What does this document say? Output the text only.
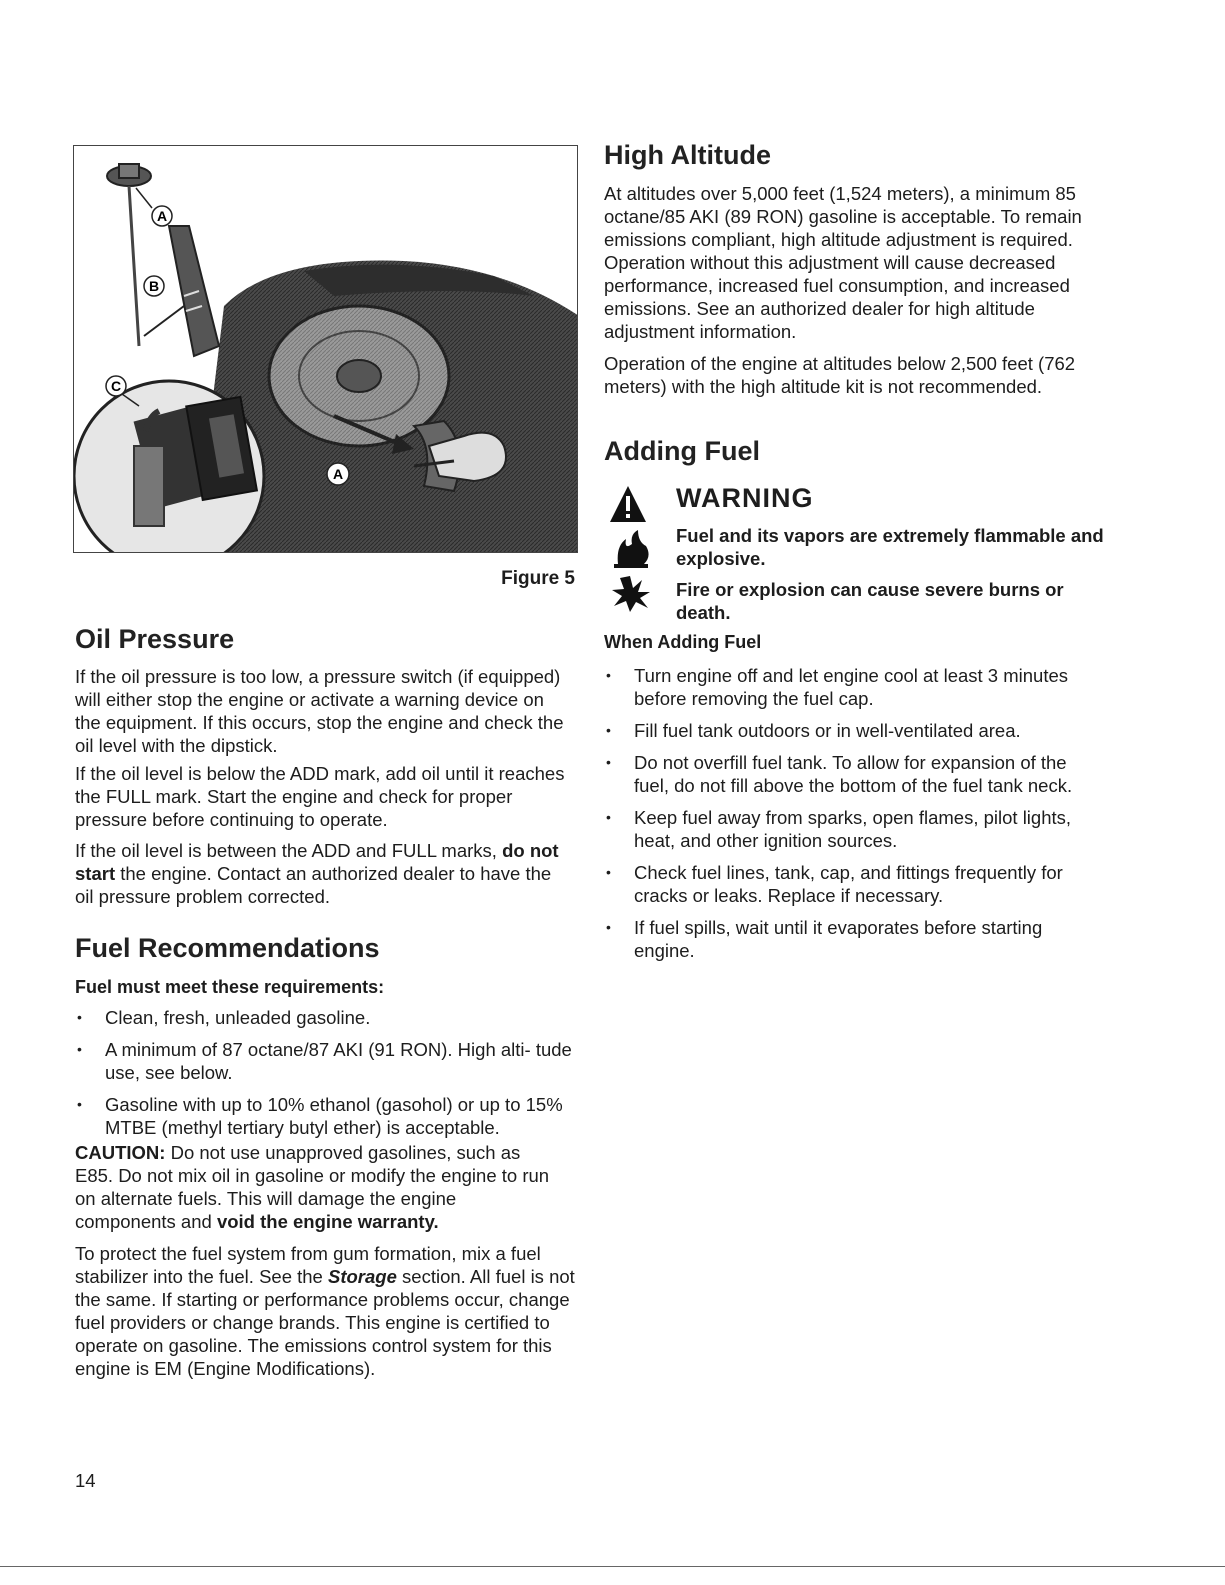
A
B
C
A
Figure 5
Oil Pressure

If the oil pressure is too low, a pressure switch (if equipped) will either stop the engine or activate a warning device on the equipment. If this occurs, stop the engine and check the oil level with the dipstick.

If the oil level is below the ADD mark, add oil until it reaches the FULL mark. Start the engine and check for proper pressure before continuing to operate.

If the oil level is between the ADD and FULL marks, do not start the engine. Contact an authorized dealer to have the oil pressure problem corrected.

Fuel Recommendations
Fuel must meet these requirements:
• Clean, fresh, unleaded gasoline.
• A minimum of 87 octane/87 AKI (91 RON). High alti- tude use, see below.
• Gasoline with up to 10% ethanol (gasohol) or up to 15% MTBE (methyl tertiary butyl ether) is acceptable.

CAUTION: Do not use unapproved gasolines, such as E85. Do not mix oil in gasoline or modify the engine to run on alternate fuels. This will damage the engine components and void the engine warranty.

To protect the fuel system from gum formation, mix a fuel stabilizer into the fuel. See the Storage section. All fuel is not the same. If starting or performance problems occur, change fuel providers or change brands. This engine is certified to operate on gasoline. The emissions control system for this engine is EM (Engine Modifications).

High Altitude

At altitudes over 5,000 feet (1,524 meters), a minimum 85 octane/85 AKI (89 RON) gasoline is acceptable. To remain emissions compliant, high altitude adjustment is required. Operation without this adjustment will cause decreased performance, increased fuel consumption, and increased emissions. See an authorized dealer for high altitude adjustment information.

Operation of the engine at altitudes below 2,500 feet (762 meters) with the high altitude kit is not recommended.

Adding Fuel
WARNING
Fuel and its vapors are extremely flammable and explosive.
Fire or explosion can cause severe burns or death.
When Adding Fuel
• Turn engine off and let engine cool at least 3 minutes before removing the fuel cap.
• Fill fuel tank outdoors or in well-ventilated area.
• Do not overfill fuel tank. To allow for expansion of the fuel, do not fill above the bottom of the fuel tank neck.
• Keep fuel away from sparks, open flames, pilot lights, heat, and other ignition sources.
• Check fuel lines, tank, cap, and fittings frequently for cracks or leaks. Replace if necessary.
• If fuel spills, wait until it evaporates before starting engine.
14
